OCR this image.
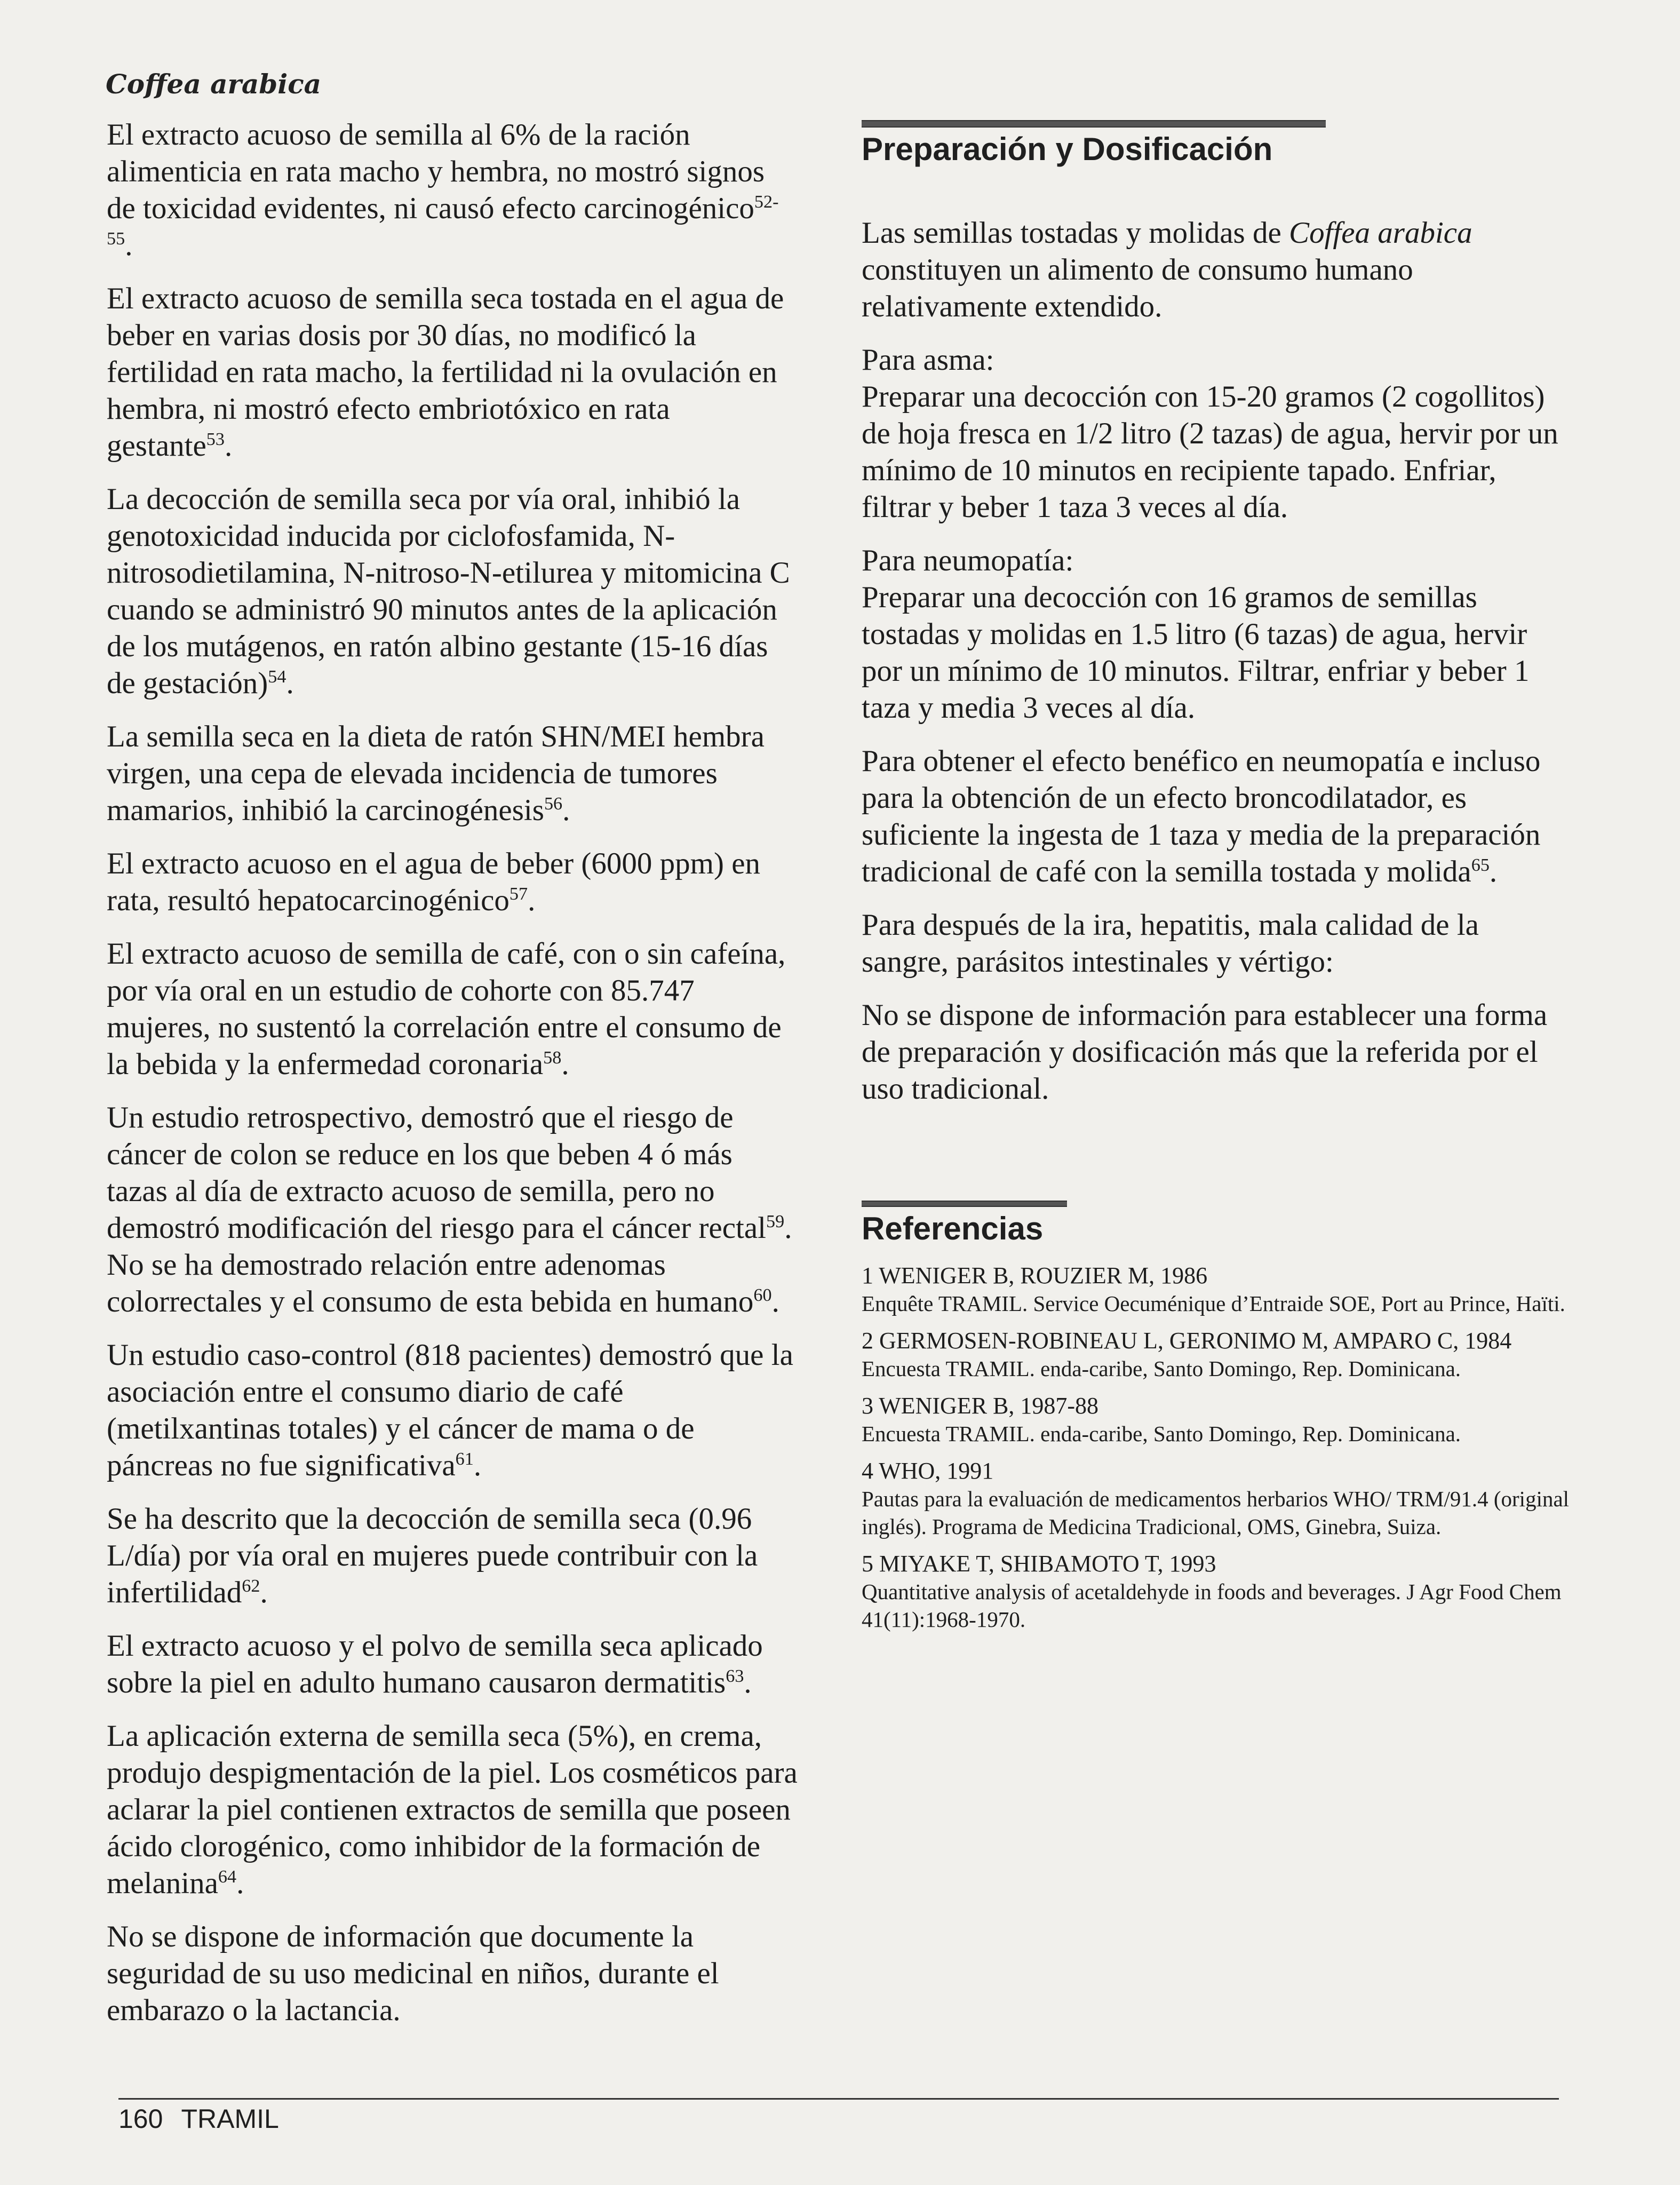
Coffea arabica

El extracto acuoso de semilla al 6% de la ración alimenticia en rata macho y hembra, no mostró signos de toxicidad evidentes, ni causó efecto carcinogénico$^{52-55}$.

El extracto acuoso de semilla seca tostada en el agua de beber en varias dosis por 30 días, no modificó la fertilidad en rata macho, la fertilidad ni la ovulación en hembra, ni mostró efecto embriotóxico en rata gestante$^{53}$.

La decocción de semilla seca por vía oral, inhibió la genotoxicidad inducida por ciclofosfamida, N-nitrosodietilamina, N-nitroso-N-etilurea y mitomicina C cuando se administró 90 minutos antes de la aplicación de los mutágenos, en ratón albino gestante (15-16 días de gestación)$^{54}$.

La semilla seca en la dieta de ratón SHN/MEI hembra virgen, una cepa de elevada incidencia de tumores mamarios, inhibió la carcinogénesis$^{56}$.

El extracto acuoso en el agua de beber (6000 ppm) en rata, resultó hepatocarcinogénico$^{57}$.

El extracto acuoso de semilla de café, con o sin cafeína, por vía oral en un estudio de cohorte con 85.747 mujeres, no sustentó la correlación entre el consumo de la bebida y la enfermedad coronaria$^{58}$.

Un estudio retrospectivo, demostró que el riesgo de cáncer de colon se reduce en los que beben 4 ó más tazas al día de extracto acuoso de semilla, pero no demostró modificación del riesgo para el cáncer rectal$^{59}$. No se ha demostrado relación entre adenomas colorrectales y el consumo de esta bebida en humano$^{60}$.

Un estudio caso-control (818 pacientes) demostró que la asociación entre el consumo diario de café (metilxantinas totales) y el cáncer de mama o de páncreas no fue significativa$^{61}$.

Se ha descrito que la decocción de semilla seca (0.96 L/día) por vía oral en mujeres puede contribuir con la infertilidad$^{62}$.

El extracto acuoso y el polvo de semilla seca aplicado sobre la piel en adulto humano causaron dermatitis$^{63}$.

La aplicación externa de semilla seca (5%), en crema, produjo despigmentación de la piel. Los cosméticos para aclarar la piel contienen extractos de semilla que poseen ácido clorogénico, como inhibidor de la formación de melanina$^{64}$.

No se dispone de información que documente la seguridad de su uso medicinal en niños, durante el embarazo o la lactancia.

Preparación y Dosificación

Las semillas tostadas y molidas de Coffea arabica constituyen un alimento de consumo humano relativamente extendido.

Para asma:
Preparar una decocción con 15-20 gramos (2 cogollitos) de hoja fresca en 1/2 litro (2 tazas) de agua, hervir por un mínimo de 10 minutos en recipiente tapado. Enfriar, filtrar y beber 1 taza 3 veces al día.

Para neumopatía:
Preparar una decocción con 16 gramos de semillas tostadas y molidas en 1.5 litro (6 tazas) de agua, hervir por un mínimo de 10 minutos. Filtrar, enfriar y beber 1 taza y media 3 veces al día.

Para obtener el efecto benéfico en neumopatía e incluso para la obtención de un efecto broncodilatador, es suficiente la ingesta de 1 taza y media de la preparación tradicional de café con la semilla tostada y molida$^{65}$.

Para después de la ira, hepatitis, mala calidad de la sangre, parásitos intestinales y vértigo:

No se dispone de información para establecer una forma de preparación y dosificación más que la referida por el uso tradicional.

Referencias
1 WENIGER B, ROUZIER M, 1986
Enquête TRAMIL. Service Oecuménique d’Entraide SOE, Port au Prince, Haïti.
2 GERMOSEN-ROBINEAU L, GERONIMO M, AMPARO C, 1984
Encuesta TRAMIL. enda-caribe, Santo Domingo, Rep. Dominicana.
3 WENIGER B, 1987-88
Encuesta TRAMIL. enda-caribe, Santo Domingo, Rep. Dominicana.
4 WHO, 1991
Pautas para la evaluación de medicamentos herbarios WHO/ TRM/91.4 (original inglés). Programa de Medicina Tradicional, OMS, Ginebra, Suiza.
5 MIYAKE T, SHIBAMOTO T, 1993
Quantitative analysis of acetaldehyde in foods and beverages. J Agr Food Chem 41(11):1968-1970.
160 TRAMIL
